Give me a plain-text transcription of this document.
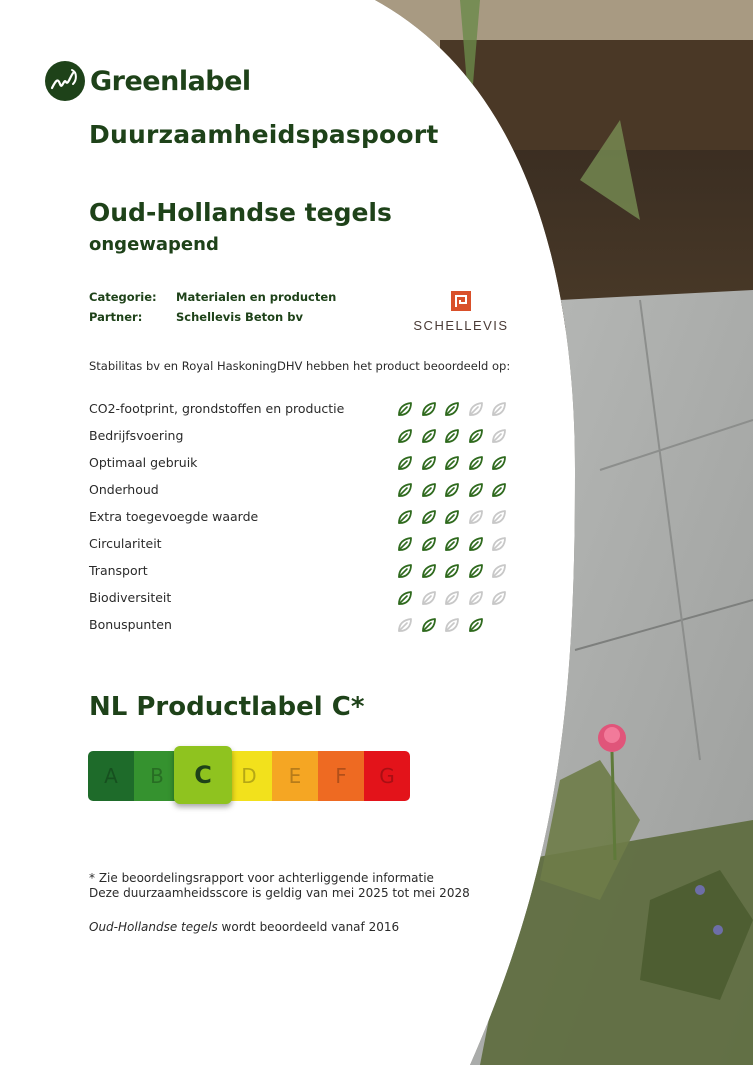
Greenlabel
Duurzaamheidspaspoort
Oud-Hollandse tegels
ongewapend
Categorie:	Materialen en producten
Partner:	Schellevis Beton bv
SCHELLEVIS
Stabilitas bv en Royal HaskoningDHV hebben het product beoordeeld op:
CO2-footprint, grondstoffen en productie
Bedrijfsvoering
Optimaal gebruik
Onderhoud
Extra toegevoegde waarde
Circulariteit
Transport
Biodiversiteit
Bonuspunten
NL Productlabel C*
A	B	C	D	E	F	G
* Zie beoordelingsrapport voor achterliggende informatie
Deze duurzaamheidsscore is geldig van mei 2025 tot mei 2028
Oud-Hollandse tegels wordt beoordeeld vanaf 2016
